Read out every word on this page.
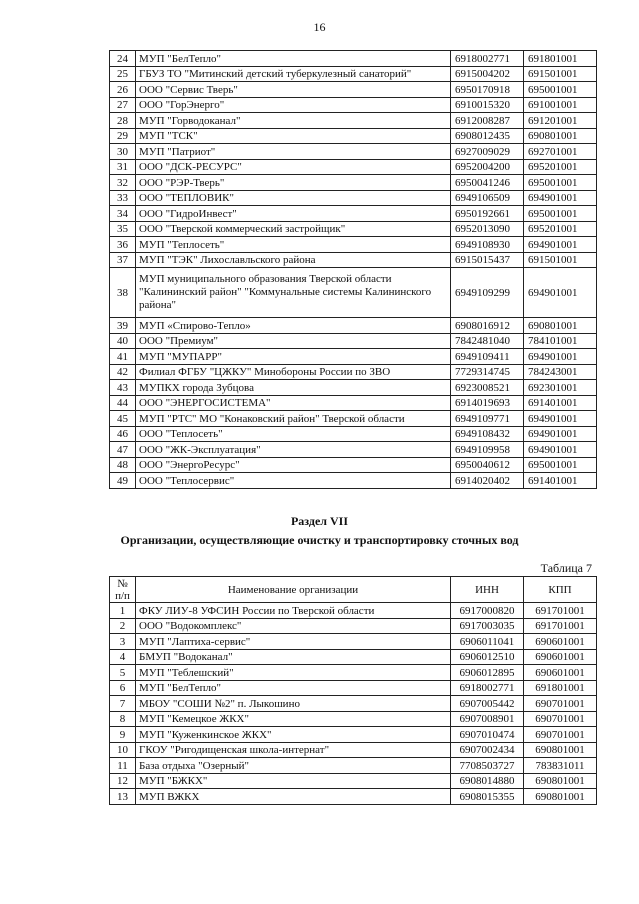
16
24	МУП "БелТепло"	6918002771	691801001
25	ГБУЗ ТО "Митинский детский туберкулезный санаторий"	6915004202	691501001
26	ООО "Сервис Тверь"	6950170918	695001001
27	ООО "ГорЭнерго"	6910015320	691001001
28	МУП "Горводоканал"	6912008287	691201001
29	МУП "ТСК"	6908012435	690801001
30	МУП "Патриот"	6927009029	692701001
31	ООО "ДСК-РЕСУРС"	6952004200	695201001
32	ООО "РЭР-Тверь"	6950041246	695001001
33	ООО "ТЕПЛОВИК"	6949106509	694901001
34	ООО "ГидроИнвест"	6950192661	695001001
35	ООО "Тверской коммерческий застройщик"	6952013090	695201001
36	МУП "Теплосеть"	6949108930	694901001
37	МУП "ТЭК" Лихославльского района	6915015437	691501001
38	МУП муниципального образования Тверской области "Калининский район" "Коммунальные системы Калининского района"	6949109299	694901001
39	МУП «Спирово-Тепло»	6908016912	690801001
40	ООО "Премиум"	7842481040	784101001
41	МУП "МУПАРР"	6949109411	694901001
42	Филиал ФГБУ "ЦЖКУ" Минобороны России по ЗВО	7729314745	784243001
43	МУПКХ города Зубцова	6923008521	692301001
44	ООО "ЭНЕРГОСИСТЕМА"	6914019693	691401001
45	МУП "РТС" МО "Конаковский район" Тверской области	6949109771	694901001
46	ООО "Теплосеть"	6949108432	694901001
47	ООО "ЖК-Эксплуатация"	6949109958	694901001
48	ООО "ЭнергоРесурс"	6950040612	695001001
49	ООО "Теплосервис"	6914020402	691401001
Раздел VII
Организации, осуществляющие очистку и транспортировку сточных вод
Таблица 7
№
п/п	Наименование организации	ИНН	КПП
1	ФКУ ЛИУ-8 УФСИН России по Тверской области	6917000820	691701001
2	ООО "Водокомплекс"	6917003035	691701001
3	МУП "Лаптиха-сервис"	6906011041	690601001
4	БМУП "Водоканал"	6906012510	690601001
5	МУП "Теблешский"	6906012895	690601001
6	МУП "БелТепло"	6918002771	691801001
7	МБОУ "СОШИ №2" п. Лыкошино	6907005442	690701001
8	МУП "Кемецкое ЖКХ"	6907008901	690701001
9	МУП "Куженкинское ЖКХ"	6907010474	690701001
10	ГКОУ "Ригодищенская школа-интернат"	6907002434	690801001
11	База отдыха "Озерный"	7708503727	783831011
12	МУП "БЖКХ"	6908014880	690801001
13	МУП ВЖКХ	6908015355	690801001
